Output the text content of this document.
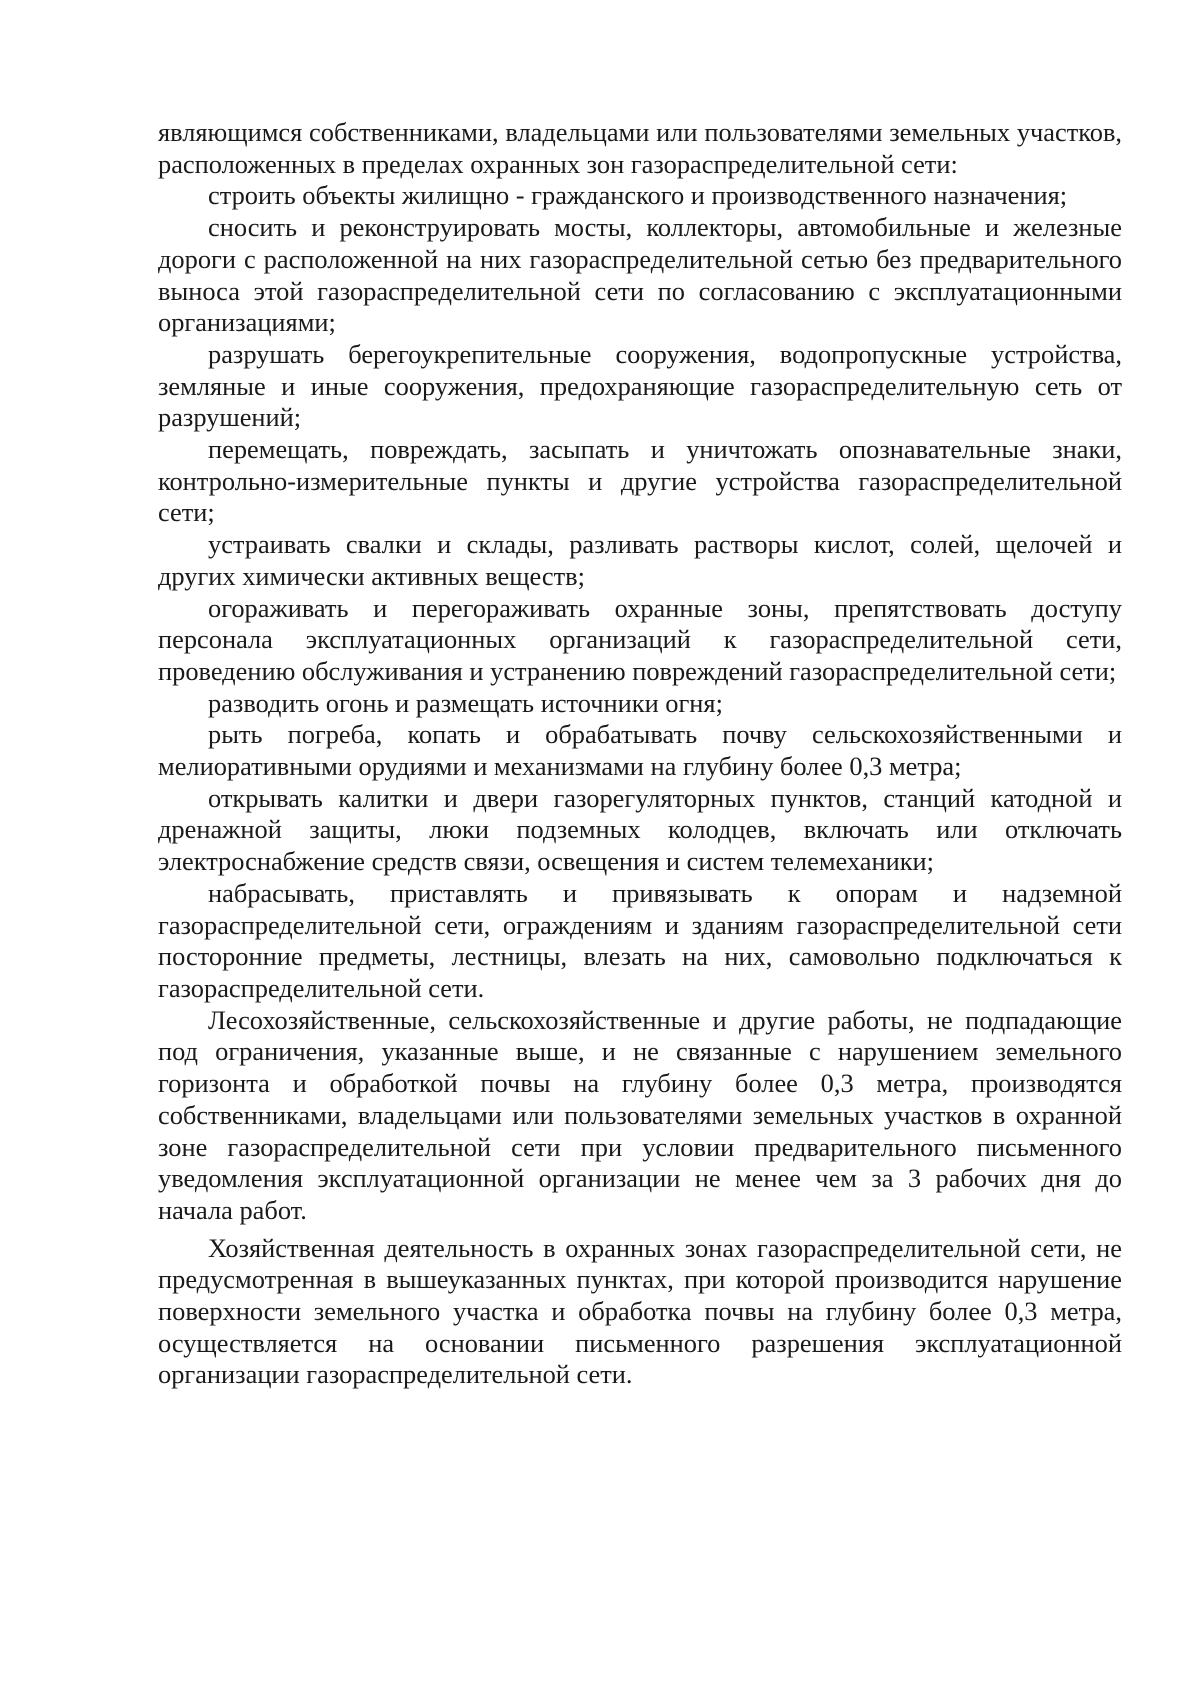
являющимся собственниками, владельцами или пользователями земельных участков, расположенных в пределах охранных зон газораспределительной сети:

строить объекты жилищно - гражданского и производственного назначения;

сносить и реконструировать мосты, коллекторы, автомобильные и железные дороги с расположенной на них газораспределительной сетью без предварительного выноса этой газораспределительной сети по согласованию с эксплуатационными организациями;

разрушать берегоукрепительные сооружения, водопропускные устройства, земляные и иные сооружения, предохраняющие газораспределительную сеть от разрушений;

перемещать, повреждать, засыпать и уничтожать опознавательные знаки, контрольно-измерительные пункты и другие устройства газораспределительной сети;

устраивать свалки и склады, разливать растворы кислот, солей, щелочей и других химически активных веществ;

огораживать и перегораживать охранные зоны, препятствовать доступу персонала эксплуатационных организаций к газораспределительной сети, проведению обслуживания и устранению повреждений газораспределительной сети;

разводить огонь и размещать источники огня;

рыть погреба, копать и обрабатывать почву сельскохозяйственными и мелиоративными орудиями и механизмами на глубину более 0,3 метра;

открывать калитки и двери газорегуляторных пунктов, станций катодной и дренажной защиты, люки подземных колодцев, включать или отключать электроснабжение средств связи, освещения и систем телемеханики;

набрасывать, приставлять и привязывать к опорам и надземной газораспределительной сети, ограждениям и зданиям газораспределительной сети посторонние предметы, лестницы, влезать на них, самовольно подключаться к газораспределительной сети.

Лесохозяйственные, сельскохозяйственные и другие работы, не подпадающие под ограничения, указанные выше, и не связанные с нарушением земельного горизонта и обработкой почвы на глубину более 0,3 метра, производятся собственниками, владельцами или пользователями земельных участков в охранной зоне газораспределительной сети при условии предварительного письменного уведомления эксплуатационной организации не менее чем за 3 рабочих дня до начала работ.

Хозяйственная деятельность в охранных зонах газораспределительной сети, не предусмотренная в вышеуказанных пунктах, при которой производится нарушение поверхности земельного участка и обработка почвы на глубину более 0,3 метра, осуществляется на основании письменного разрешения эксплуатационной организации газораспределительной сети.
